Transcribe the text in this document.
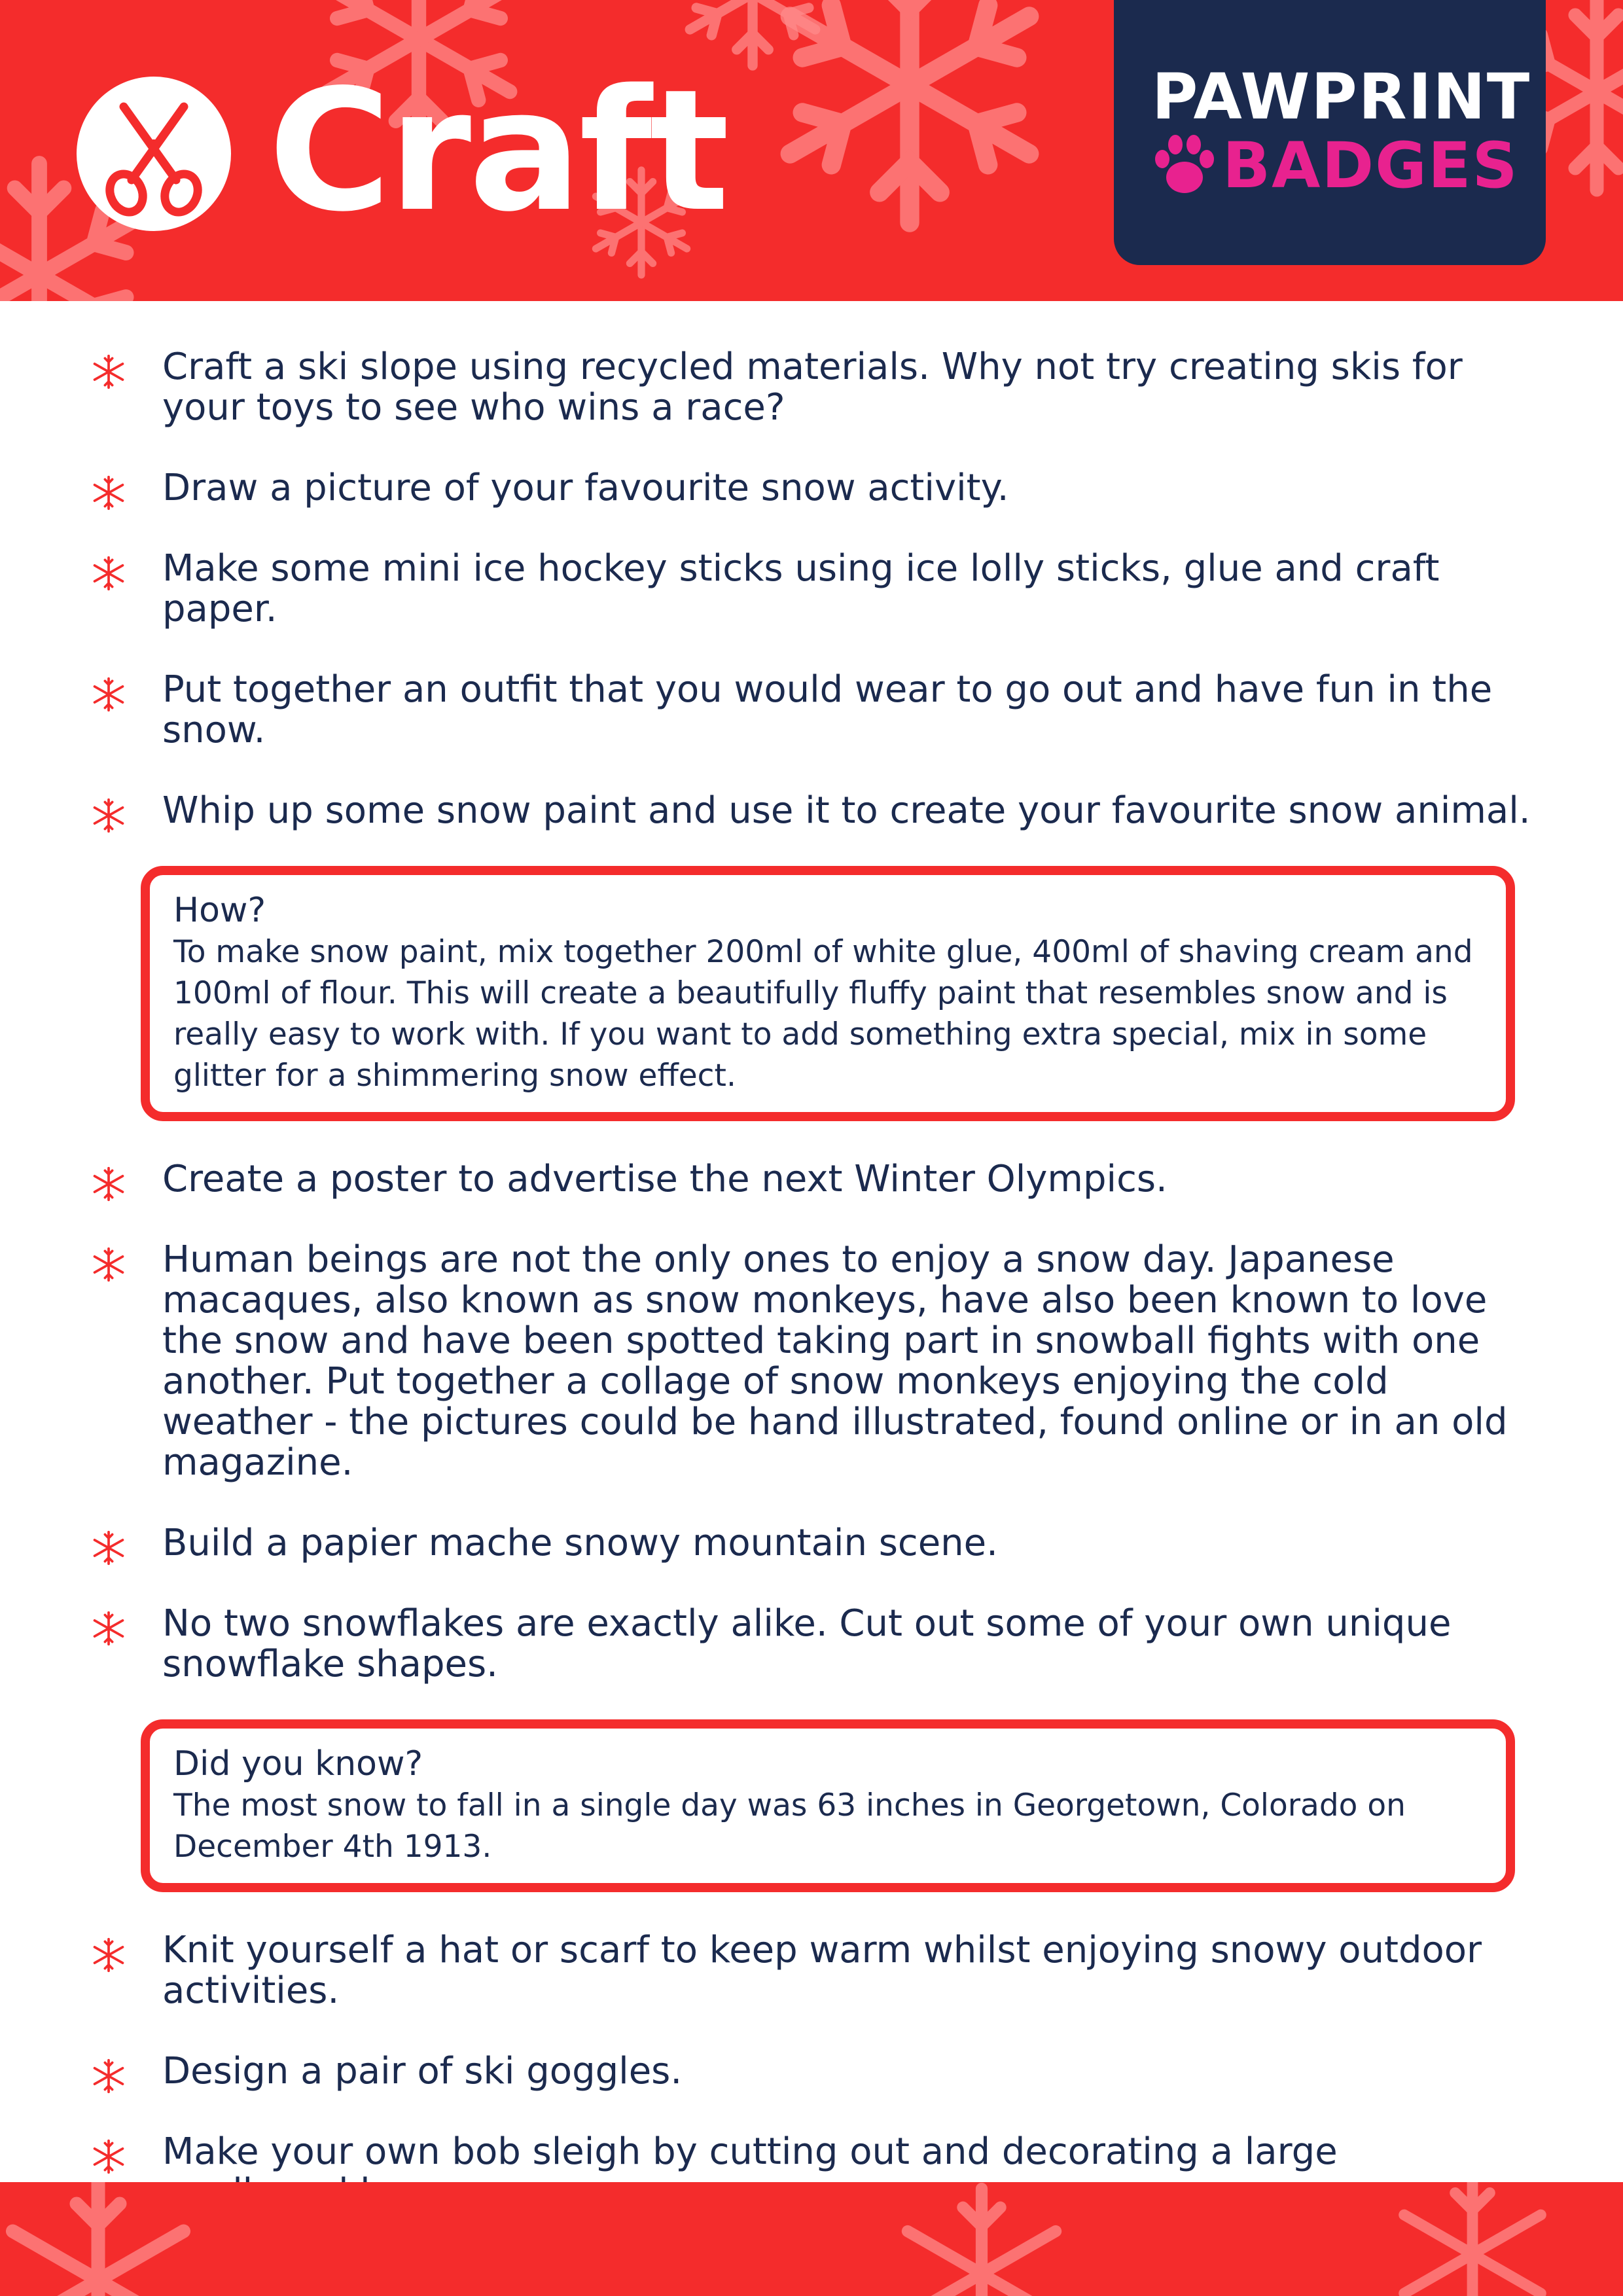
Craft	PAWPRINT
BADGES
Craft a ski slope using recycled materials. Why not try creating skis for your toys to see who wins a race?
Draw a picture of your favourite snow activity.
Make some mini ice hockey sticks using ice lolly sticks, glue and craft paper.
Put together an outfit that you would wear to go out and have fun in the snow.
Whip up some snow paint and use it to create your favourite snow animal.
How?
To make snow paint, mix together 200ml of white glue, 400ml of shaving cream and 100ml of flour. This will create a beautifully fluffy paint that resembles snow and is really easy to work with. If you want to add something extra special, mix in some glitter for a shimmering snow effect.
Create a poster to advertise the next Winter Olympics.
Human beings are not the only ones to enjoy a snow day. Japanese macaques, also known as snow monkeys, have also been known to love the snow and have been spotted taking part in snowball fights with one another. Put together a collage of snow monkeys enjoying the cold weather - the pictures could be hand illustrated, found online or in an old magazine.
Build a papier mache snowy mountain scene.
No two snowflakes are exactly alike. Cut out some of your own unique snowflake shapes.
Did you know?
The most snow to fall in a single day was 63 inches in Georgetown, Colorado on December 4th 1913.
Knit yourself a hat or scarf to keep warm whilst enjoying snowy outdoor activities.
Design a pair of ski goggles.
Make your own bob sleigh by cutting out and decorating a large
